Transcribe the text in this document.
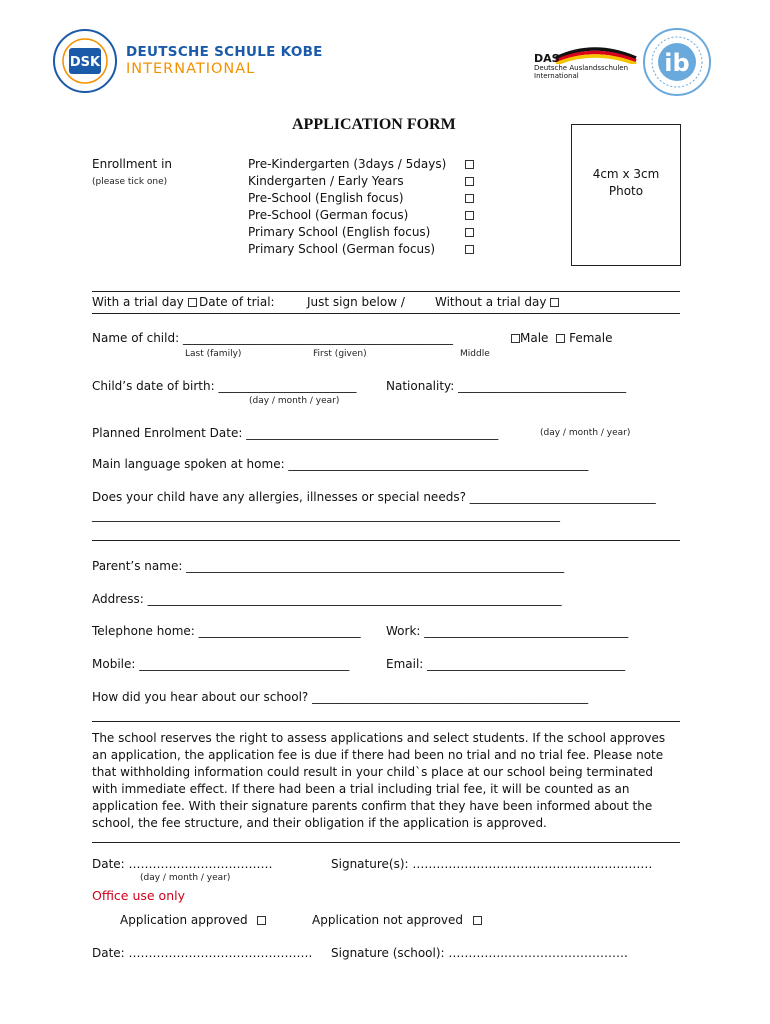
DSK
DEUTSCHE SCHULE KOBE
INTERNATIONAL
DAS
Deutsche Auslandsschulen
International	ib
APPLICATION FORM
4cm x 3cm
Photo
Enrollment in
(please tick one)
Pre-Kindergarten (3days / 5days)
Kindergarten / Early Years
Pre-School (English focus)
Pre-School (German focus)
Primary School (English focus)
Primary School (German focus)
With a trial day	Date of trial:	Just sign below /	Without a trial day
Name of child: _____________________________________________	Male Female
Last (family)	First (given)	Middle
Child’s date of birth: _______________________ Nationality: ____________________________
(day / month / year)
Planned Enrolment Date: __________________________________________	(day / month / year)
Main language spoken at home: __________________________________________________
Does your child have any allergies, illnesses or special needs? _______________________________
______________________________________________________________________________
Parent’s name: _______________________________________________________________
Address: _____________________________________________________________________
Telephone home: ___________________________ Work: __________________________________
Mobile: ___________________________________	Email: _________________________________
How did you hear about our school? ______________________________________________
The school reserves the right to assess applications and select students. If the school approves an application, the application fee is due if there had been no trial and no trial fee. Please note that withholding information could result in your child`s place at our school being terminated with immediate effect. If there had been a trial including trial fee, it will be counted as an application fee. With their signature parents confirm that they have been informed about the school, the fee structure, and their obligation if the application is approved.
Date: ………………………………	Signature(s): ……………………………………………………
(day / month / year)
Office use only
Application approved	Application not approved
Date: ………………………………………. Signature (school): …………..………………………….
